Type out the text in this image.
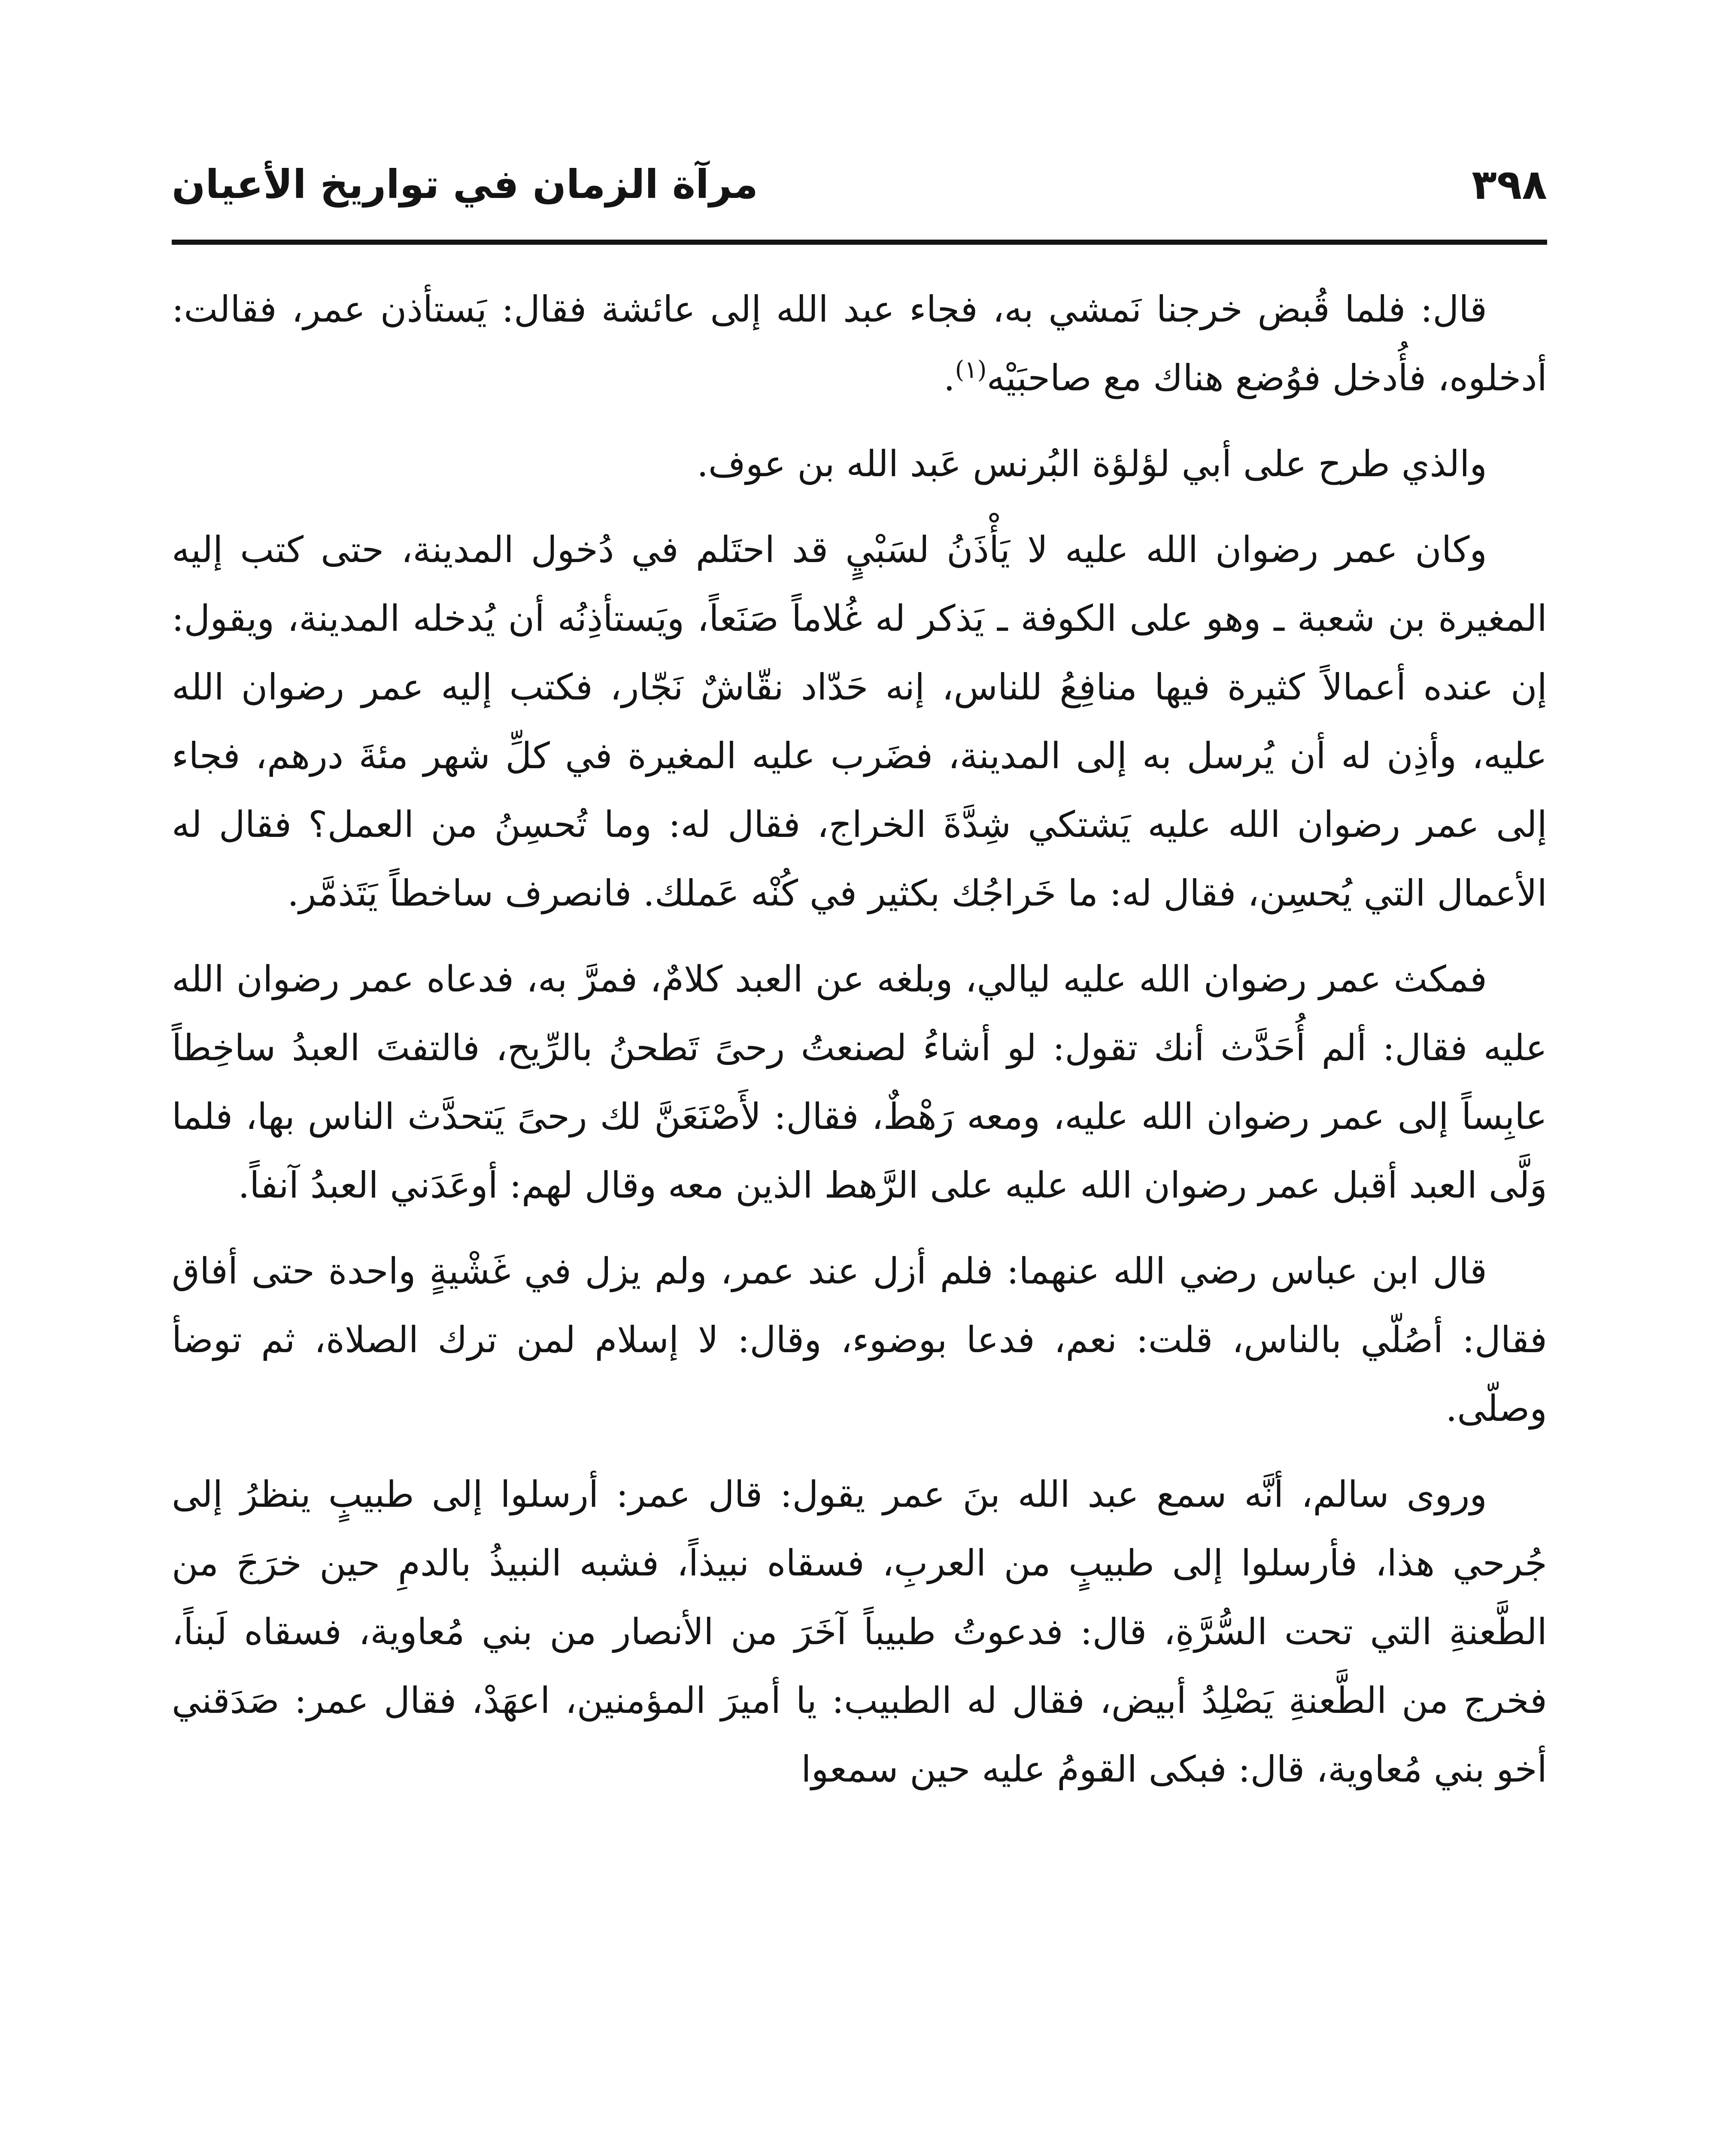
٣٩٨
مرآة الزمان في تواريخ الأعيان

قال: فلما قُبض خرجنا نَمشي به، فجاء عبد الله إلى عائشة فقال: يَستأذن عمر، فقالت: أدخلوه، فأُدخل فوُضع هناك مع صاحبَيْه$^{(١)}$.

والذي طرح على أبي لؤلؤة البُرنس عَبد الله بن عوف.

وكان عمر رضوان الله عليه لا يَأْذَنُ لسَبْيٍ قد احتَلم في دُخول المدينة، حتى كتب إليه المغيرة بن شعبة ـ وهو على الكوفة ـ يَذكر له غُلاماً صَنَعاً، ويَستأذِنُه أن يُدخله المدينة، ويقول: إن عنده أعمالاً كثيرة فيها منافِعُ للناس، إنه حَدّاد نقّاشٌ نَجّار، فكتب إليه عمر رضوان الله عليه، وأذِن له أن يُرسل به إلى المدينة، فضَرب عليه المغيرة في كلِّ شهر مئةَ درهم، فجاء إلى عمر رضوان الله عليه يَشتكي شِدَّةَ الخراج، فقال له: وما تُحسِنُ من العمل؟ فقال له الأعمال التي يُحسِن، فقال له: ما خَراجُك بكثير في كُنْه عَملك. فانصرف ساخطاً يَتَذمَّر.

فمكث عمر رضوان الله عليه ليالي، وبلغه عن العبد كلامٌ، فمرَّ به، فدعاه عمر رضوان الله عليه فقال: ألم أُحَدَّث أنك تقول: لو أشاءُ لصنعتُ رحىً تَطحنُ بالرِّيح، فالتفتَ العبدُ ساخِطاً عابِساً إلى عمر رضوان الله عليه، ومعه رَهْطٌ، فقال: لأَصْنَعَنَّ لك رحىً يَتحدَّث الناس بها، فلما وَلَّى العبد أقبل عمر رضوان الله عليه على الرَّهط الذين معه وقال لهم: أوعَدَني العبدُ آنفاً.

قال ابن عباس رضي الله عنهما: فلم أزل عند عمر، ولم يزل في غَشْيةٍ واحدة حتى أفاق فقال: أصُلّي بالناس، قلت: نعم، فدعا بوضوء، وقال: لا إسلام لمن ترك الصلاة، ثم توضأ وصلّى.

وروى سالم، أنَّه سمع عبد الله بنَ عمر يقول: قال عمر: أرسلوا إلى طبيبٍ ينظرُ إلى جُرحي هذا، فأرسلوا إلى طبيبٍ من العربِ، فسقاه نبيذاً، فشبه النبيذُ بالدمِ حين خرَجَ من الطَّعنةِ التي تحت السُّرَّةِ، قال: فدعوتُ طبيباً آخَرَ من الأنصار من بني مُعاوية، فسقاه لَبناً، فخرج من الطَّعنةِ يَصْلِدُ أبيض، فقال له الطبيب: يا أميرَ المؤمنين، اعهَدْ، فقال عمر: صَدَقني أخو بني مُعاوية، قال: فبكى القومُ عليه حين سمعوا
